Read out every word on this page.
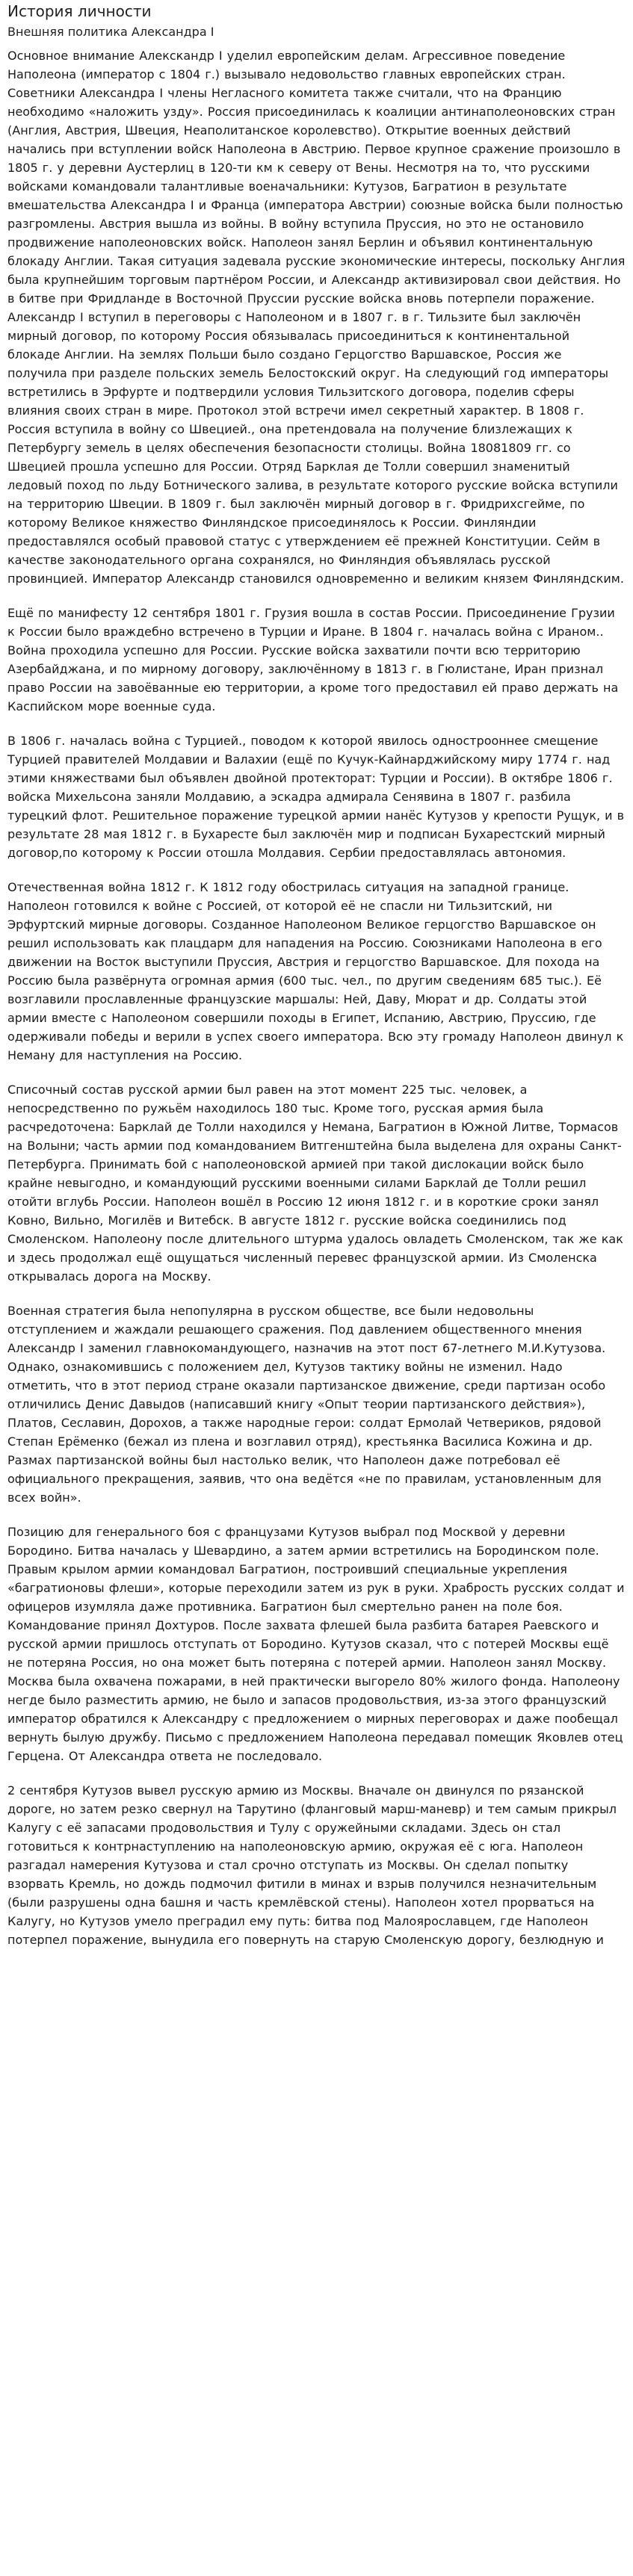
История личности
Внешняя политика Александра I

Основное внимание Алекскандр I уделил европейским делам. Агрессивное поведение Наполеона (император с 1804 г.) вызывало недовольство главных европейских стран. Советники Александра I члены Негласного комитета также считали, что на Францию необходимо «наложить узду». Россия присоединилась к коалиции антинаполеоновских стран (Англия, Австрия, Швеция, Неаполитанское королевство). Открытие военных действий начались при вступлении войск Наполеона в Австрию. Первое крупное сражение произошло в 1805 г. у деревни Аустерлиц в 120-ти км к северу от Вены. Несмотря на то, что русскими войсками командовали талантливые военачальники: Кутузов, Багратион в результате вмешательства Александра I и Франца (императора Австрии) союзные войска были полностью разгромлены. Австрия вышла из войны. В войну вступила Пруссия, но это не остановило продвижение наполеоновских войск. Наполеон занял Берлин и объявил континентальную блокаду Англии. Такая ситуация задевала русские экономические интересы, поскольку Англия была крупнейшим торговым партнёром России, и Александр активизировал свои действия. Но в битве при Фридланде в Восточной Пруссии русские войска вновь потерпели поражение. Александр I вступил в переговоры с Наполеоном и в 1807 г. в г. Тильзите был заключён мирный договор, по которому Россия обязывалась присоединиться к континентальной блокаде Англии. На землях Польши было создано Герцогство Варшавское, Россия же получила при разделе польских земель Белостокский округ. На следующий год императоры встретились в Эрфурте и подтвердили условия Тильзитского договора, поделив сферы влияния своих стран в мире. Протокол этой встречи имел секретный характер. В 1808 г. Россия вступила в войну со Швецией., она претендовала на получение близлежащих к Петербургу земель в целях обеспечения безопасности столицы. Война 18081809 гг. со Швецией прошла успешно для России. Отряд Барклая де Толли совершил знаменитый ледовый поход по льду Ботнического залива, в результате которого русские войска вступили на территорию Швеции. В 1809 г. был заключён мирный договор в г. Фридрихсгейме, по которому Великое княжество Финляндское присоединялось к России. Финляндии предоставлялся особый правовой статус с утверждением её прежней Конституции. Сейм в качестве законодательного органа сохранялся, но Финляндия объявлялась русской провинцией. Император Александр становился одновременно и великим князем Финляндским.

Ещё по манифесту 12 сентября 1801 г. Грузия вошла в состав России. Присоединение Грузии к России было враждебно встречено в Турции и Иране. В 1804 г. началась война с Ираном.. Война проходила успешно для России. Русские войска захватили почти всю территорию Азербайджана, и по мирному договору, заключённому в 1813 г. в Гюлистане, Иран признал право России на завоёванные ею территории, а кроме того предоставил ей право держать на Каспийском море военные суда.

В 1806 г. началась война с Турцией., поводом к которой явилось однострооннее смещение Турцией правителей Молдавии и Валахии (ещё по Кучук-Кайнарджийскому миру 1774 г. над этими княжествами был объявлен двойной протекторат: Турции и России). В октябре 1806 г. войска Михельсона заняли Молдавию, а эскадра адмирала Сенявина в 1807 г. разбила турецкий флот. Решительное поражение турецкой армии нанёс Кутузов у крепости Рущук, и в результате 28 мая 1812 г. в Бухаресте был заключён мир и подписан Бухарестский мирный договор,по которому к России отошла Молдавия. Сербии предоставлялась автономия.

Отечественная война 1812 г. К 1812 году обострилась ситуация на западной границе. Наполеон готовился к войне с Россией, от которой её не спасли ни Тильзитский, ни Эрфуртский мирные договоры. Созданное Наполеоном Великое герцогство Варшавское он решил использовать как плацдарм для нападения на Россию. Союзниками Наполеона в его движении на Восток выступили Пруссия, Австрия и герцогство Варшавское. Для похода на Россию была развёрнута огромная армия (600 тыс. чел., по другим сведениям 685 тыс.). Её возглавили прославленные французские маршалы: Ней, Даву, Мюрат и др. Солдаты этой армии вместе с Наполеоном совершили походы в Египет, Испанию, Австрию, Пруссию, где одерживали победы и верили в успех своего императора. Всю эту громаду Наполеон двинул к Неману для наступления на Россию.

Списочный состав русской армии был равен на этот момент 225 тыс. человек, а непосредственно по ружьём находилось 180 тыс. Кроме того, русская армия была расчредоточена: Барклай де Толли находился у Немана, Багратион в Южной Литве, Тормасов на Волыни; часть армии под командованием Витгенштейна была выделена для охраны Санкт-Петербурга. Принимать бой с наполеоновской армией при такой дислокации войск было крайне невыгодно, и командующий русскими военными силами Барклай де Толли решил отойти вглубь России. Наполеон вошёл в Россию 12 июня 1812 г. и в короткие сроки занял Ковно, Вильно, Могилёв и Витебск. В августе 1812 г. русские войска соединились под Смоленском. Наполеону после длительного штурма удалось овладеть Смоленском, так же как и здесь продолжал ещё ощущаться численный перевес французской армии. Из Смоленска открывалась дорога на Москву.

Военная стратегия была непопулярна в русском обществе, все были недовольны отступлением и жаждали решающего сражения. Под давлением общественного мнения Александр I заменил главнокомандующего, назначив на этот пост 67-летнего М.И.Кутузова. Однако, ознакомившись с положением дел, Кутузов тактику войны не изменил. Надо отметить, что в этот период стране оказали партизанское движение, среди партизан особо отличились Денис Давыдов (написавший книгу «Опыт теории партизанского действия»), Платов, Сеславин, Дорохов, а также народные герои: солдат Ермолай Четвериков, рядовой Степан Ерёменко (бежал из плена и возглавил отряд), крестьянка Василиса Кожина и др. Размах партизанской войны был настолько велик, что Наполеон даже потребовал её официального прекращения, заявив, что она ведётся «не по правилам, установленным для всех войн».

Позицию для генерального боя с французами Кутузов выбрал под Москвой у деревни Бородино. Битва началась у Шевардино, а затем армии встретились на Бородинском поле. Правым крылом армии командовал Багратион, построивший специальные укрепления «багратионовы флеши», которые переходили затем из рук в руки. Храбрость русских солдат и офицеров изумляла даже противника. Багратион был смертельно ранен на поле боя. Командование принял Дохтуров. После захвата флешей была разбита батарея Раевского и русской армии пришлось отступать от Бородино. Кутузов сказал, что с потерей Москвы ещё не потеряна Россия, но она может быть потеряна с потерей армии. Наполеон занял Москву. Москва была охвачена пожарами, в ней практически выгорело 80% жилого фонда. Наполеону негде было разместить армию, не было и запасов продовольствия, из-за этого французский император обратился к Александру с предложением о мирных переговорах и даже пообещал вернуть былую дружбу. Письмо с предложением Наполеона передавал помещик Яковлев отец Герцена. От Александра ответа не последовало.

2 сентября Кутузов вывел русскую армию из Москвы. Вначале он двинулся по рязанской дороге, но затем резко свернул на Тарутино (фланговый марш-маневр) и тем самым прикрыл Калугу с её запасами продовольствия и Тулу с оружейными складами. Здесь он стал готовиться к контрнаступлению на наполеоновскую армию, окружая её с юга. Наполеон разгадал намерения Кутузова и стал срочно отступать из Москвы. Он сделал попытку взорвать Кремль, но дождь подмочил фитили в минах и взрыв получился незначительным (были разрушены одна башня и часть кремлёвской стены). Наполеон хотел прорваться на Калугу, но Кутузов умело преградил ему путь: битва под Малоярославцем, где Наполеон потерпел поражение, вынудила его повернуть на старую Смоленскую дорогу, безлюдную и
